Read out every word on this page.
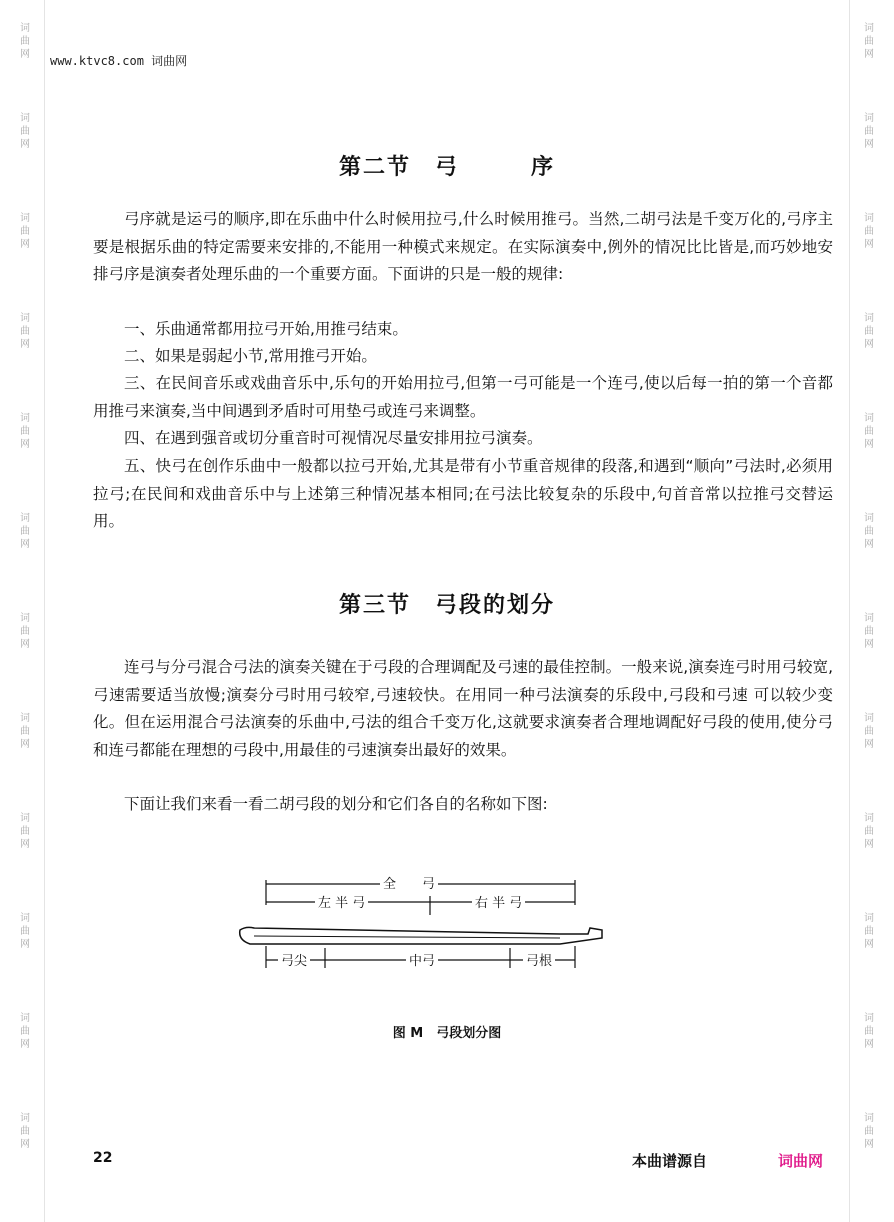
词曲网
词曲网
词曲网
词曲网
词曲网
词曲网
词曲网
词曲网
词曲网
词曲网
词曲网
词曲网
词曲网
词曲网
词曲网
词曲网
词曲网
词曲网
词曲网
词曲网
词曲网
词曲网
词曲网
词曲网
www.ktvc8.com 词曲网
第二节　弓　　　序

弓序就是运弓的顺序,即在乐曲中什么时候用拉弓,什么时候用推弓。当然,二胡弓法是千变万化的,弓序主要是根据乐曲的特定需要来安排的,不能用一种模式来规定。在实际演奏中,例外的情况比比皆是,而巧妙地安排弓序是演奏者处理乐曲的一个重要方面。下面讲的只是一般的规律:

一、乐曲通常都用拉弓开始,用推弓结束。

二、如果是弱起小节,常用推弓开始。

三、在民间音乐或戏曲音乐中,乐句的开始用拉弓,但第一弓可能是一个连弓,使以后每一拍的第一个音都用推弓来演奏,当中间遇到矛盾时可用垫弓或连弓来调整。

四、在遇到强音或切分重音时可视情况尽量安排用拉弓演奏。

五、快弓在创作乐曲中一般都以拉弓开始,尤其是带有小节重音规律的段落,和遇到“顺向”弓法时,必须用拉弓;在民间和戏曲音乐中与上述第三种情况基本相同;在弓法比较复杂的乐段中,句首音常以拉推弓交替运用。

第三节　弓段的划分

连弓与分弓混合弓法的演奏关键在于弓段的合理调配及弓速的最佳控制。一般来说,演奏连弓时用弓较宽,弓速需要适当放慢;演奏分弓时用弓较窄,弓速较快。在用同一种弓法演奏的乐段中,弓段和弓速 可以较少变化。但在运用混合弓法演奏的乐曲中,弓法的组合千变万化,这就要求演奏者合理地调配好弓段的使用,使分弓和连弓都能在理想的弓段中,用最佳的弓速演奏出最好的效果。

下面让我们来看一看二胡弓段的划分和它们各自的名称如下图:

全　　弓
左 半 弓	右 半 弓
弓尖	中弓	弓根
图 M　弓段划分图
22	本曲谱源自	词曲网
